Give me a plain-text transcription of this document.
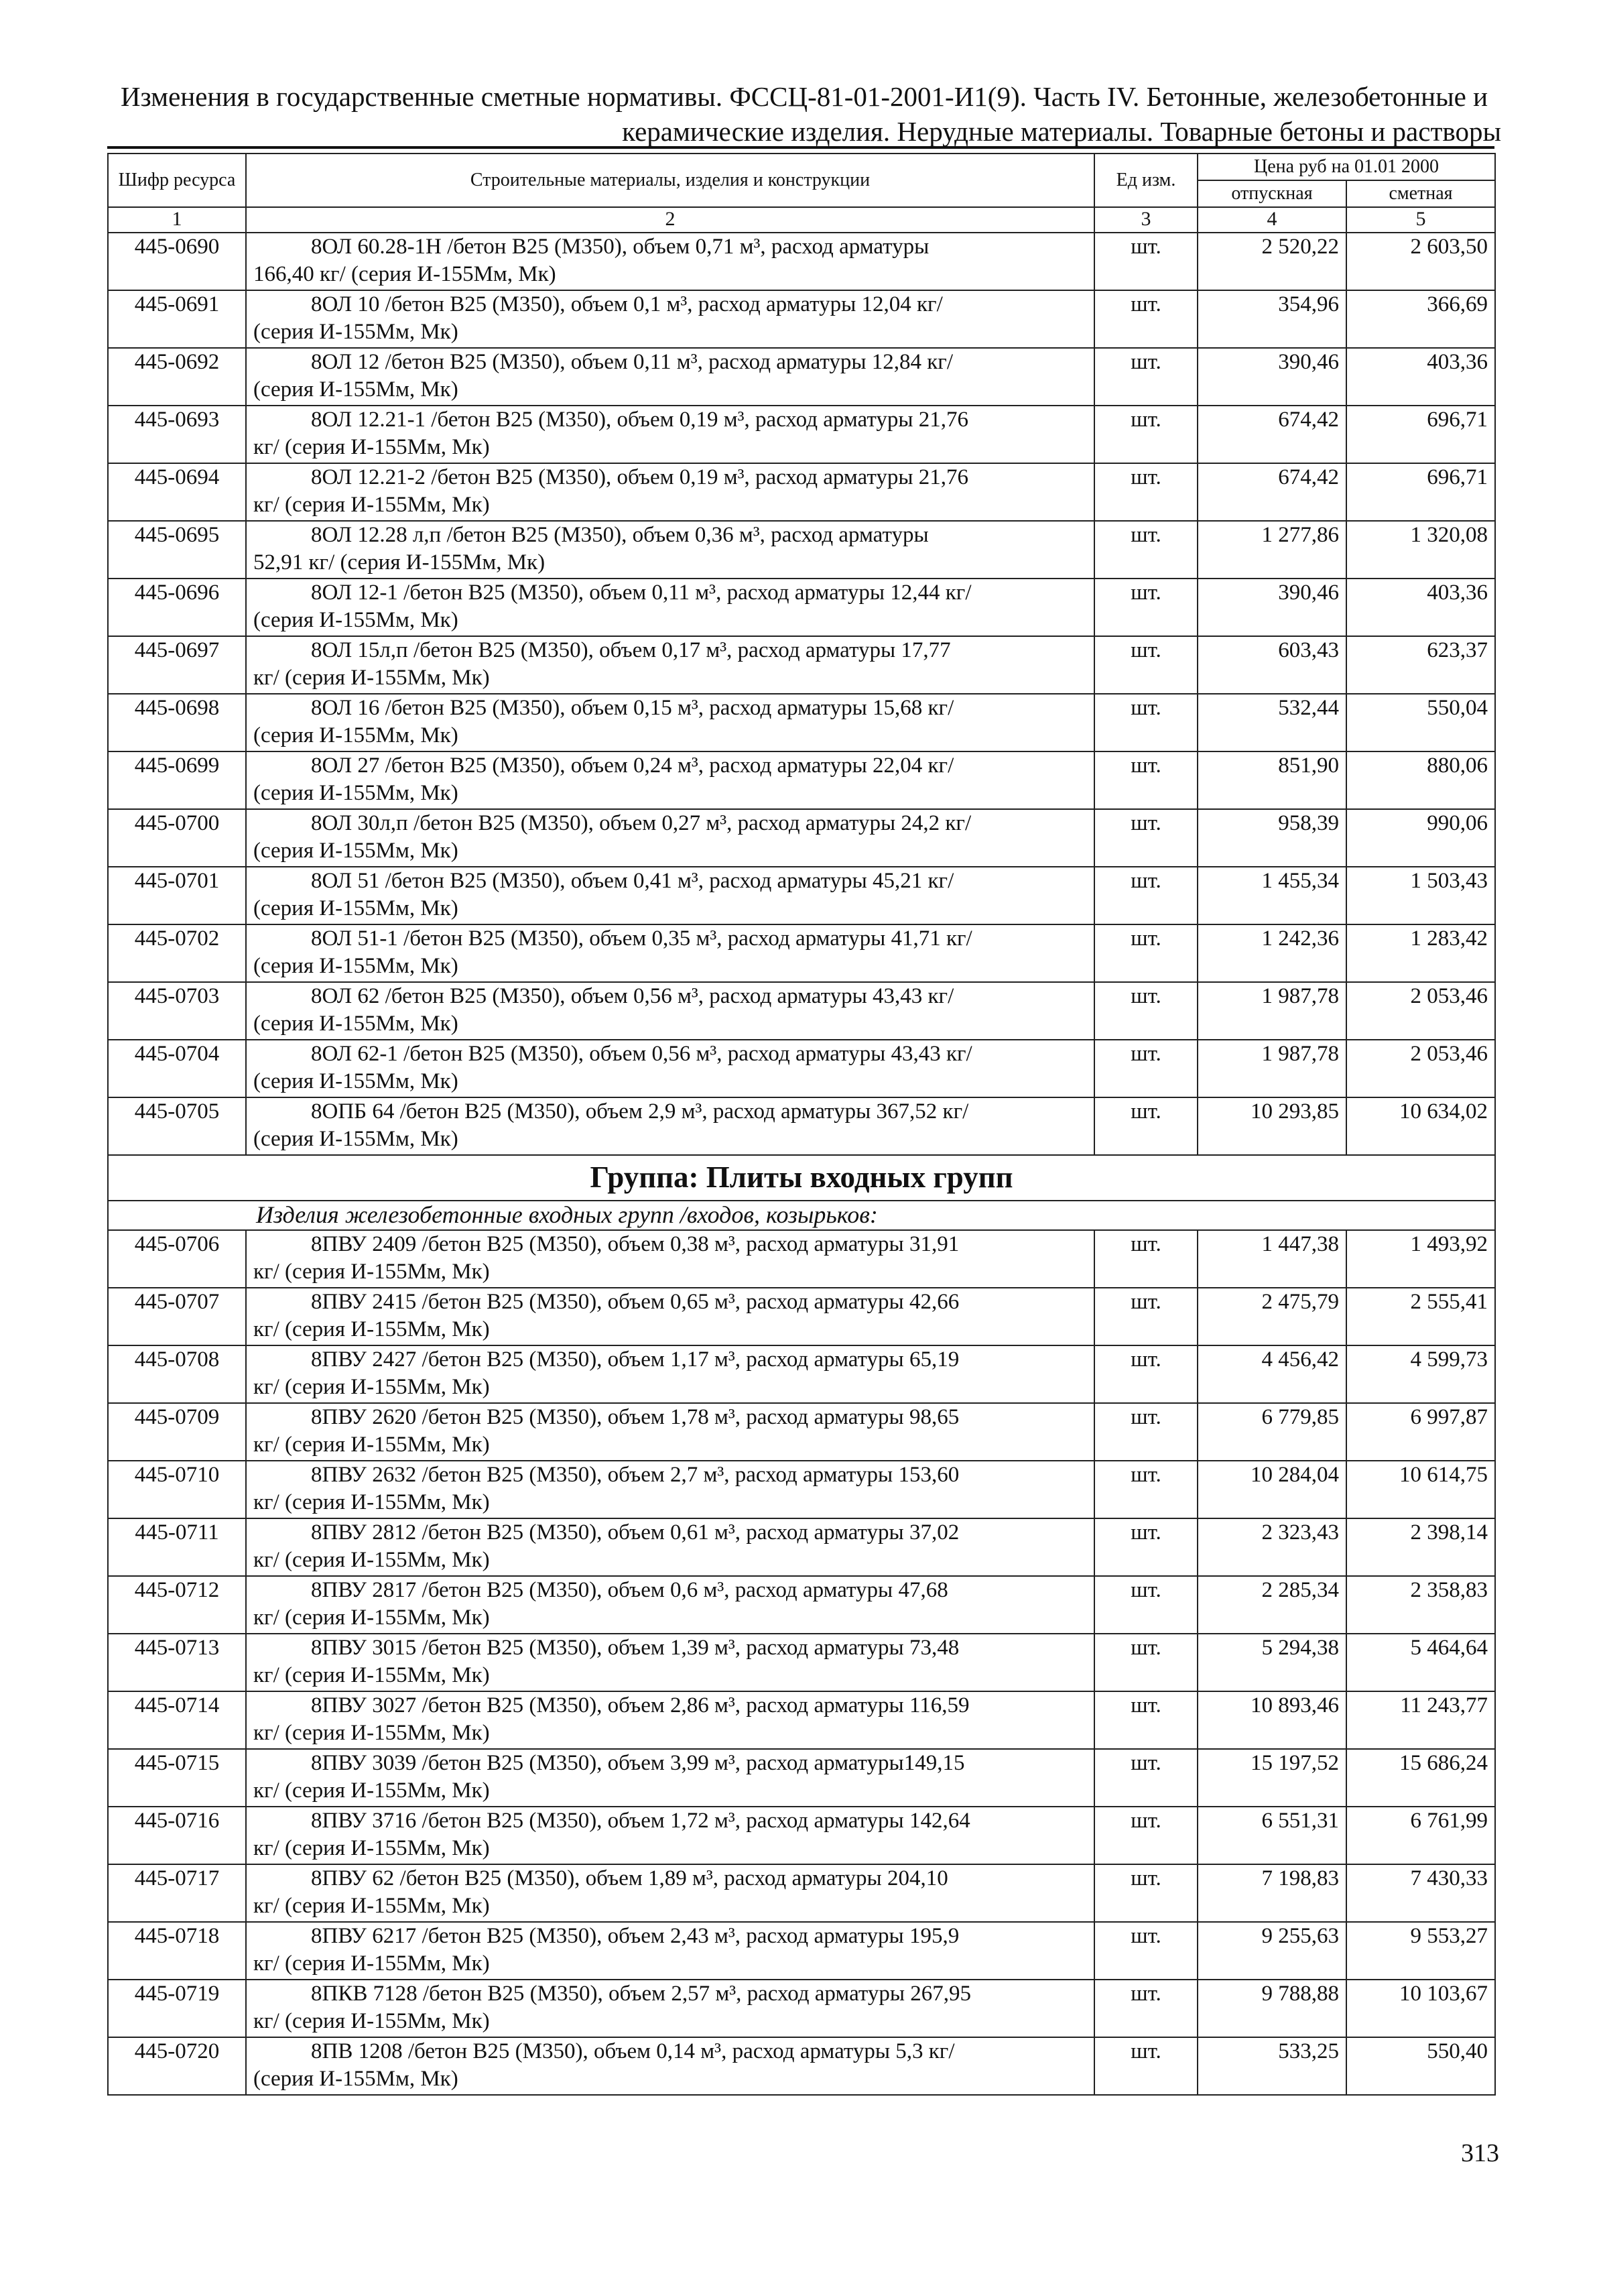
Изменения в государственные сметные нормативы. ФССЦ-81-01-2001-И1(9). Часть IV. Бетонные, железобетонные и
керамические изделия. Нерудные материалы. Товарные бетоны и растворы
Шифр ресурса	Строительные материалы, изделия и конструкции	Ед изм.	Цена руб на 01.01 2000	
			отпускная	сметная
1	2	3	4	5
445-0690	8ОЛ 60.28-1Н /бетон В25 (М350), объем 0,71 м³, расход арматуры
166,40 кг/ (серия И-155Мм, Мк)	шт.	2 520,22	2 603,50
445-0691	8ОЛ 10 /бетон В25 (М350), объем 0,1 м³, расход арматуры 12,04 кг/
(серия И-155Мм, Мк)	шт.	354,96	366,69
445-0692	8ОЛ 12 /бетон В25 (М350), объем 0,11 м³, расход арматуры 12,84 кг/
(серия И-155Мм, Мк)	шт.	390,46	403,36
445-0693	8ОЛ 12.21-1 /бетон В25 (М350), объем 0,19 м³, расход арматуры 21,76
кг/ (серия И-155Мм, Мк)	шт.	674,42	696,71
445-0694	8ОЛ 12.21-2 /бетон В25 (М350), объем 0,19 м³, расход арматуры 21,76
кг/ (серия И-155Мм, Мк)	шт.	674,42	696,71
445-0695	8ОЛ 12.28 л,п /бетон В25 (М350), объем 0,36 м³, расход арматуры
52,91 кг/ (серия И-155Мм, Мк)	шт.	1 277,86	1 320,08
445-0696	8ОЛ 12-1 /бетон В25 (М350), объем 0,11 м³, расход арматуры 12,44 кг/
(серия И-155Мм, Мк)	шт.	390,46	403,36
445-0697	8ОЛ 15л,п /бетон В25 (М350), объем 0,17 м³, расход арматуры 17,77
кг/ (серия И-155Мм, Мк)	шт.	603,43	623,37
445-0698	8ОЛ 16 /бетон В25 (М350), объем 0,15 м³, расход арматуры 15,68 кг/
(серия И-155Мм, Мк)	шт.	532,44	550,04
445-0699	8ОЛ 27 /бетон В25 (М350), объем 0,24 м³, расход арматуры 22,04 кг/
(серия И-155Мм, Мк)	шт.	851,90	880,06
445-0700	8ОЛ 30л,п /бетон В25 (М350), объем 0,27 м³, расход арматуры 24,2 кг/
(серия И-155Мм, Мк)	шт.	958,39	990,06
445-0701	8ОЛ 51 /бетон В25 (М350), объем 0,41 м³, расход арматуры 45,21 кг/
(серия И-155Мм, Мк)	шт.	1 455,34	1 503,43
445-0702	8ОЛ 51-1 /бетон В25 (М350), объем 0,35 м³, расход арматуры 41,71 кг/
(серия И-155Мм, Мк)	шт.	1 242,36	1 283,42
445-0703	8ОЛ 62 /бетон В25 (М350), объем 0,56 м³, расход арматуры 43,43 кг/
(серия И-155Мм, Мк)	шт.	1 987,78	2 053,46
445-0704	8ОЛ 62-1 /бетон В25 (М350), объем 0,56 м³, расход арматуры 43,43 кг/
(серия И-155Мм, Мк)	шт.	1 987,78	2 053,46
445-0705	8ОПБ 64 /бетон В25 (М350), объем 2,9 м³, расход арматуры 367,52 кг/
(серия И-155Мм, Мк)	шт.	10 293,85	10 634,02
Группа: Плиты входных групп				
Изделия железобетонные входных групп /входов, козырьков:				
445-0706	8ПВУ 2409 /бетон В25 (М350), объем 0,38 м³, расход арматуры 31,91
кг/ (серия И-155Мм, Мк)	шт.	1 447,38	1 493,92
445-0707	8ПВУ 2415 /бетон В25 (М350), объем 0,65 м³, расход арматуры 42,66
кг/ (серия И-155Мм, Мк)	шт.	2 475,79	2 555,41
445-0708	8ПВУ 2427 /бетон В25 (М350), объем 1,17 м³, расход арматуры 65,19
кг/ (серия И-155Мм, Мк)	шт.	4 456,42	4 599,73
445-0709	8ПВУ 2620 /бетон В25 (М350), объем 1,78 м³, расход арматуры 98,65
кг/ (серия И-155Мм, Мк)	шт.	6 779,85	6 997,87
445-0710	8ПВУ 2632 /бетон В25 (М350), объем 2,7 м³, расход арматуры 153,60
кг/ (серия И-155Мм, Мк)	шт.	10 284,04	10 614,75
445-0711	8ПВУ 2812 /бетон В25 (М350), объем 0,61 м³, расход арматуры 37,02
кг/ (серия И-155Мм, Мк)	шт.	2 323,43	2 398,14
445-0712	8ПВУ 2817 /бетон В25 (М350), объем 0,6 м³, расход арматуры 47,68
кг/ (серия И-155Мм, Мк)	шт.	2 285,34	2 358,83
445-0713	8ПВУ 3015 /бетон В25 (М350), объем 1,39 м³, расход арматуры 73,48
кг/ (серия И-155Мм, Мк)	шт.	5 294,38	5 464,64
445-0714	8ПВУ 3027 /бетон В25 (М350), объем 2,86 м³, расход арматуры 116,59
кг/ (серия И-155Мм, Мк)	шт.	10 893,46	11 243,77
445-0715	8ПВУ 3039 /бетон В25 (М350), объем 3,99 м³, расход арматуры149,15
кг/ (серия И-155Мм, Мк)	шт.	15 197,52	15 686,24
445-0716	8ПВУ 3716 /бетон В25 (М350), объем 1,72 м³, расход арматуры 142,64
кг/ (серия И-155Мм, Мк)	шт.	6 551,31	6 761,99
445-0717	8ПВУ 62 /бетон В25 (М350), объем 1,89 м³, расход арматуры 204,10
кг/ (серия И-155Мм, Мк)	шт.	7 198,83	7 430,33
445-0718	8ПВУ 6217 /бетон В25 (М350), объем 2,43 м³, расход арматуры 195,9
кг/ (серия И-155Мм, Мк)	шт.	9 255,63	9 553,27
445-0719	8ПКВ 7128 /бетон В25 (М350), объем 2,57 м³, расход арматуры 267,95
кг/ (серия И-155Мм, Мк)	шт.	9 788,88	10 103,67
445-0720	8ПВ 1208 /бетон В25 (М350), объем 0,14 м³, расход арматуры 5,3 кг/
(серия И-155Мм, Мк)	шт.	533,25	550,40
313
